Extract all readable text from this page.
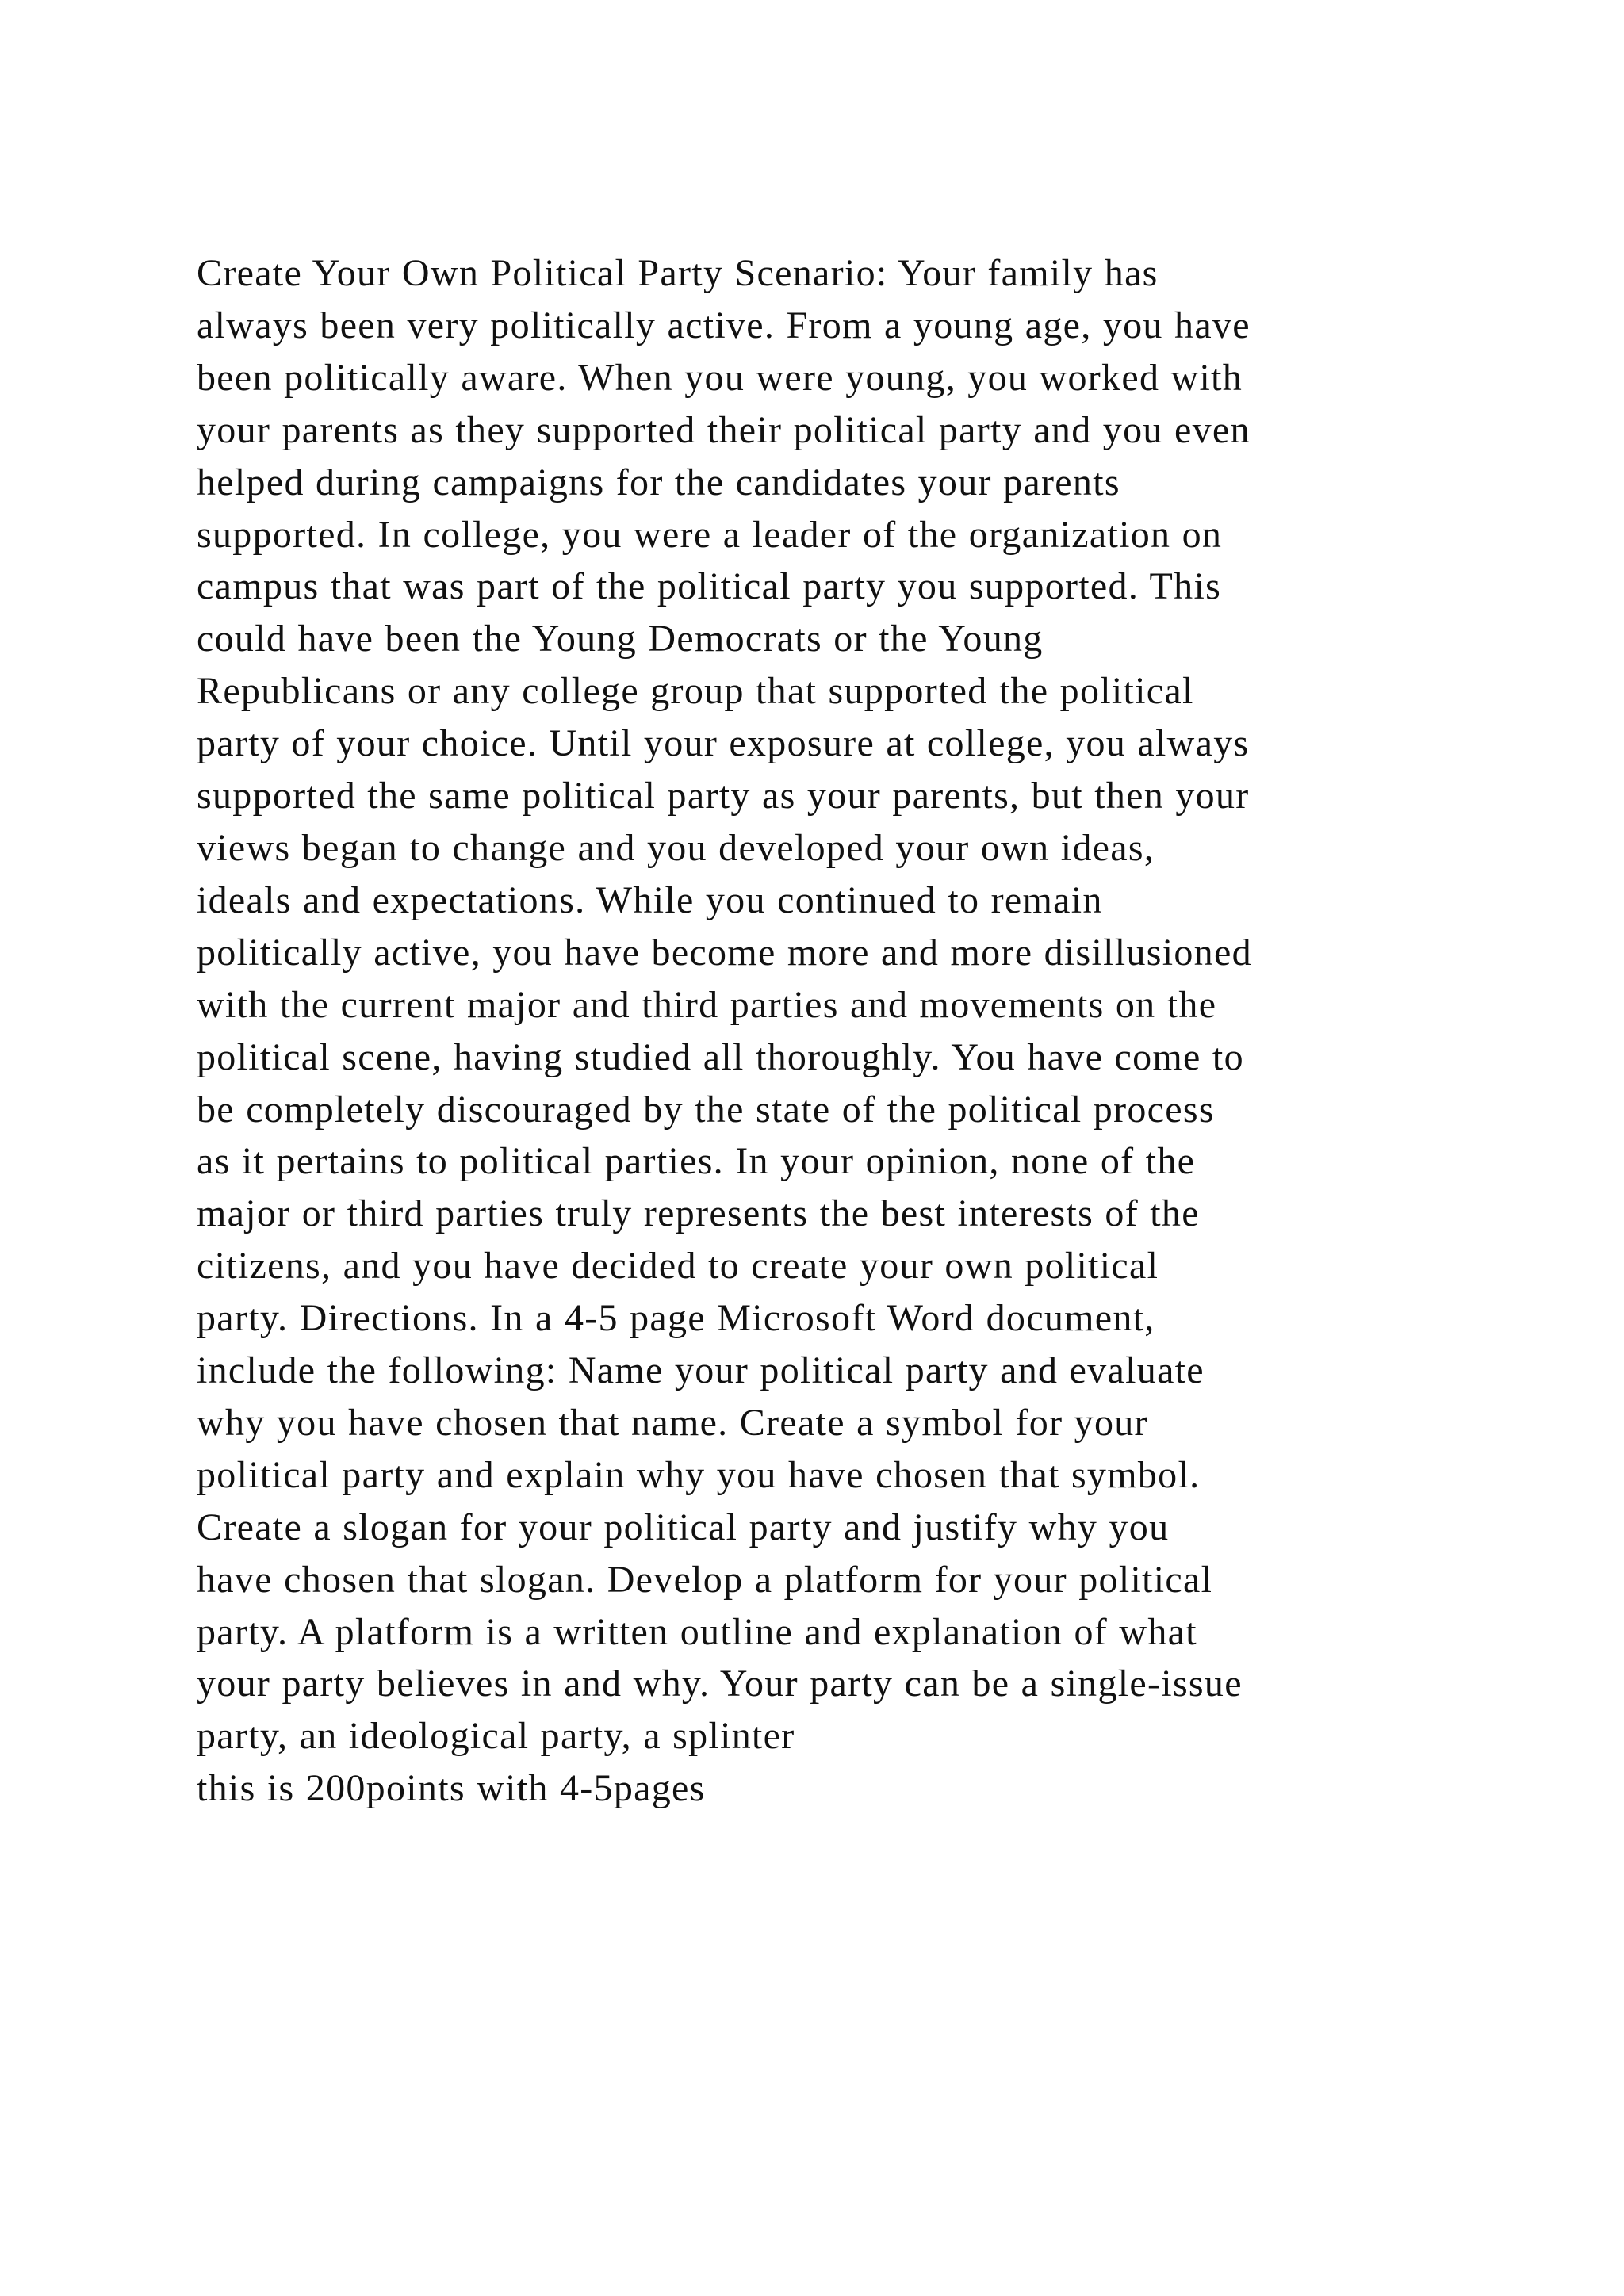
Create Your Own Political Party Scenario: Your family has
always been very politically active. From a young age, you have
been politically aware. When you were young, you worked with
your parents as they supported their political party and you even
helped during campaigns for the candidates your parents
supported. In college, you were a leader of the organization on
campus that was part of the political party you supported. This
could have been the Young Democrats or the Young
Republicans or any college group that supported the political
party of your choice. Until your exposure at college, you always
supported the same political party as your parents, but then your
views began to change and you developed your own ideas,
ideals and expectations. While you continued to remain
politically active, you have become more and more disillusioned
with the current major and third parties and movements on the
political scene, having studied all thoroughly. You have come to
be completely discouraged by the state of the political process
as it pertains to political parties. In your opinion, none of the
major or third parties truly represents the best interests of the
citizens, and you have decided to create your own political
party. Directions. In a 4-5 page Microsoft Word document,
include the following: Name your political party and evaluate
why you have chosen that name. Create a symbol for your
political party and explain why you have chosen that symbol.
Create a slogan for your political party and justify why you
have chosen that slogan. Develop a platform for your political
party. A platform is a written outline and explanation of what
your party believes in and why. Your party can be a single-issue
party, an ideological party, a splinter
this is 200points with 4-5pages
